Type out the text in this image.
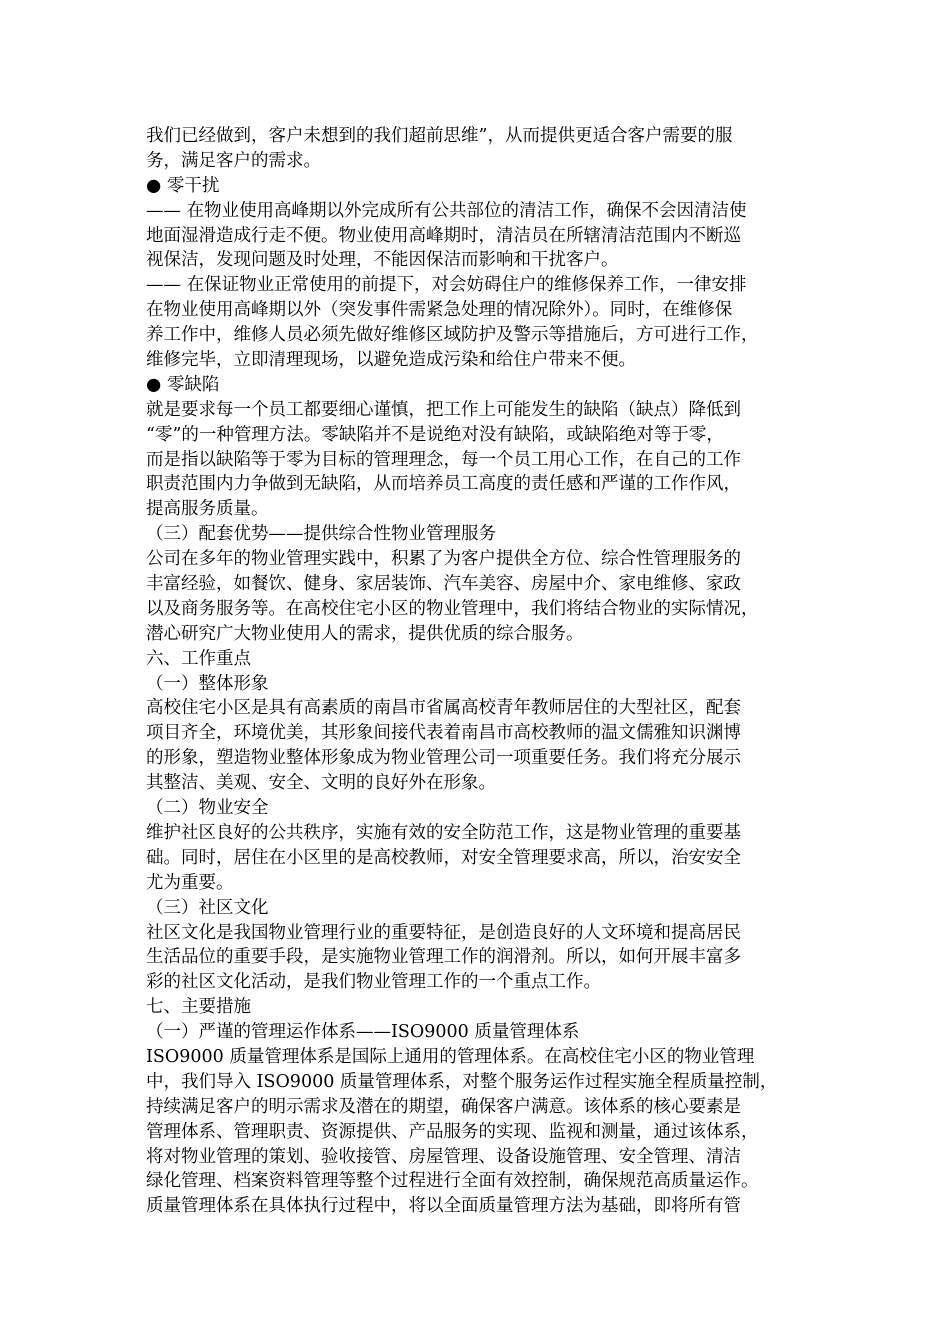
我们已经做到，客户未想到的我们超前思维”，从而提供更适合客户需要的服
务，满足客户的需求。
● 零干扰
—— 在物业使用高峰期以外完成所有公共部位的清洁工作，确保不会因清洁使
地面湿滑造成行走不便。物业使用高峰期时，清洁员在所辖清洁范围内不断巡
视保洁，发现问题及时处理，不能因保洁而影响和干扰客户。
—— 在保证物业正常使用的前提下，对会妨碍住户的维修保养工作，一律安排
在物业使用高峰期以外（突发事件需紧急处理的情况除外）。同时，在维修保
养工作中，维修人员必须先做好维修区域防护及警示等措施后，方可进行工作，
维修完毕，立即清理现场，以避免造成污染和给住户带来不便。
● 零缺陷
就是要求每一个员工都要细心谨慎，把工作上可能发生的缺陷（缺点）降低到
“零”的一种管理方法。零缺陷并不是说绝对没有缺陷，或缺陷绝对等于零，
而是指以缺陷等于零为目标的管理理念，每一个员工用心工作，在自己的工作
职责范围内力争做到无缺陷，从而培养员工高度的责任感和严谨的工作作风，
提高服务质量。
（三）配套优势——提供综合性物业管理服务
公司在多年的物业管理实践中，积累了为客户提供全方位、综合性管理服务的
丰富经验，如餐饮、健身、家居装饰、汽车美容、房屋中介、家电维修、家政
以及商务服务等。在高校住宅小区的物业管理中，我们将结合物业的实际情况，
潜心研究广大物业使用人的需求，提供优质的综合服务。
六、工作重点
（一）整体形象
高校住宅小区是具有高素质的南昌市省属高校青年教师居住的大型社区，配套
项目齐全，环境优美，其形象间接代表着南昌市高校教师的温文儒雅知识渊博
的形象，塑造物业整体形象成为物业管理公司一项重要任务。我们将充分展示
其整洁、美观、安全、文明的良好外在形象。
（二）物业安全
维护社区良好的公共秩序，实施有效的安全防范工作，这是物业管理的重要基
础。同时，居住在小区里的是高校教师，对安全管理要求高，所以，治安安全
尤为重要。
（三）社区文化
社区文化是我国物业管理行业的重要特征，是创造良好的人文环境和提高居民
生活品位的重要手段，是实施物业管理工作的润滑剂。所以，如何开展丰富多
彩的社区文化活动，是我们物业管理工作的一个重点工作。
七、主要措施
（一）严谨的管理运作体系——ISO9000 质量管理体系
ISO9000 质量管理体系是国际上通用的管理体系。在高校住宅小区的物业管理
中，我们导入 ISO9000 质量管理体系，对整个服务运作过程实施全程质量控制，
持续满足客户的明示需求及潜在的期望，确保客户满意。该体系的核心要素是
管理体系、管理职责、资源提供、产品服务的实现、监视和测量，通过该体系，
将对物业管理的策划、验收接管、房屋管理、设备设施管理、安全管理、清洁
绿化管理、档案资料管理等整个过程进行全面有效控制，确保规范高质量运作。
质量管理体系在具体执行过程中，将以全面质量管理方法为基础，即将所有管
